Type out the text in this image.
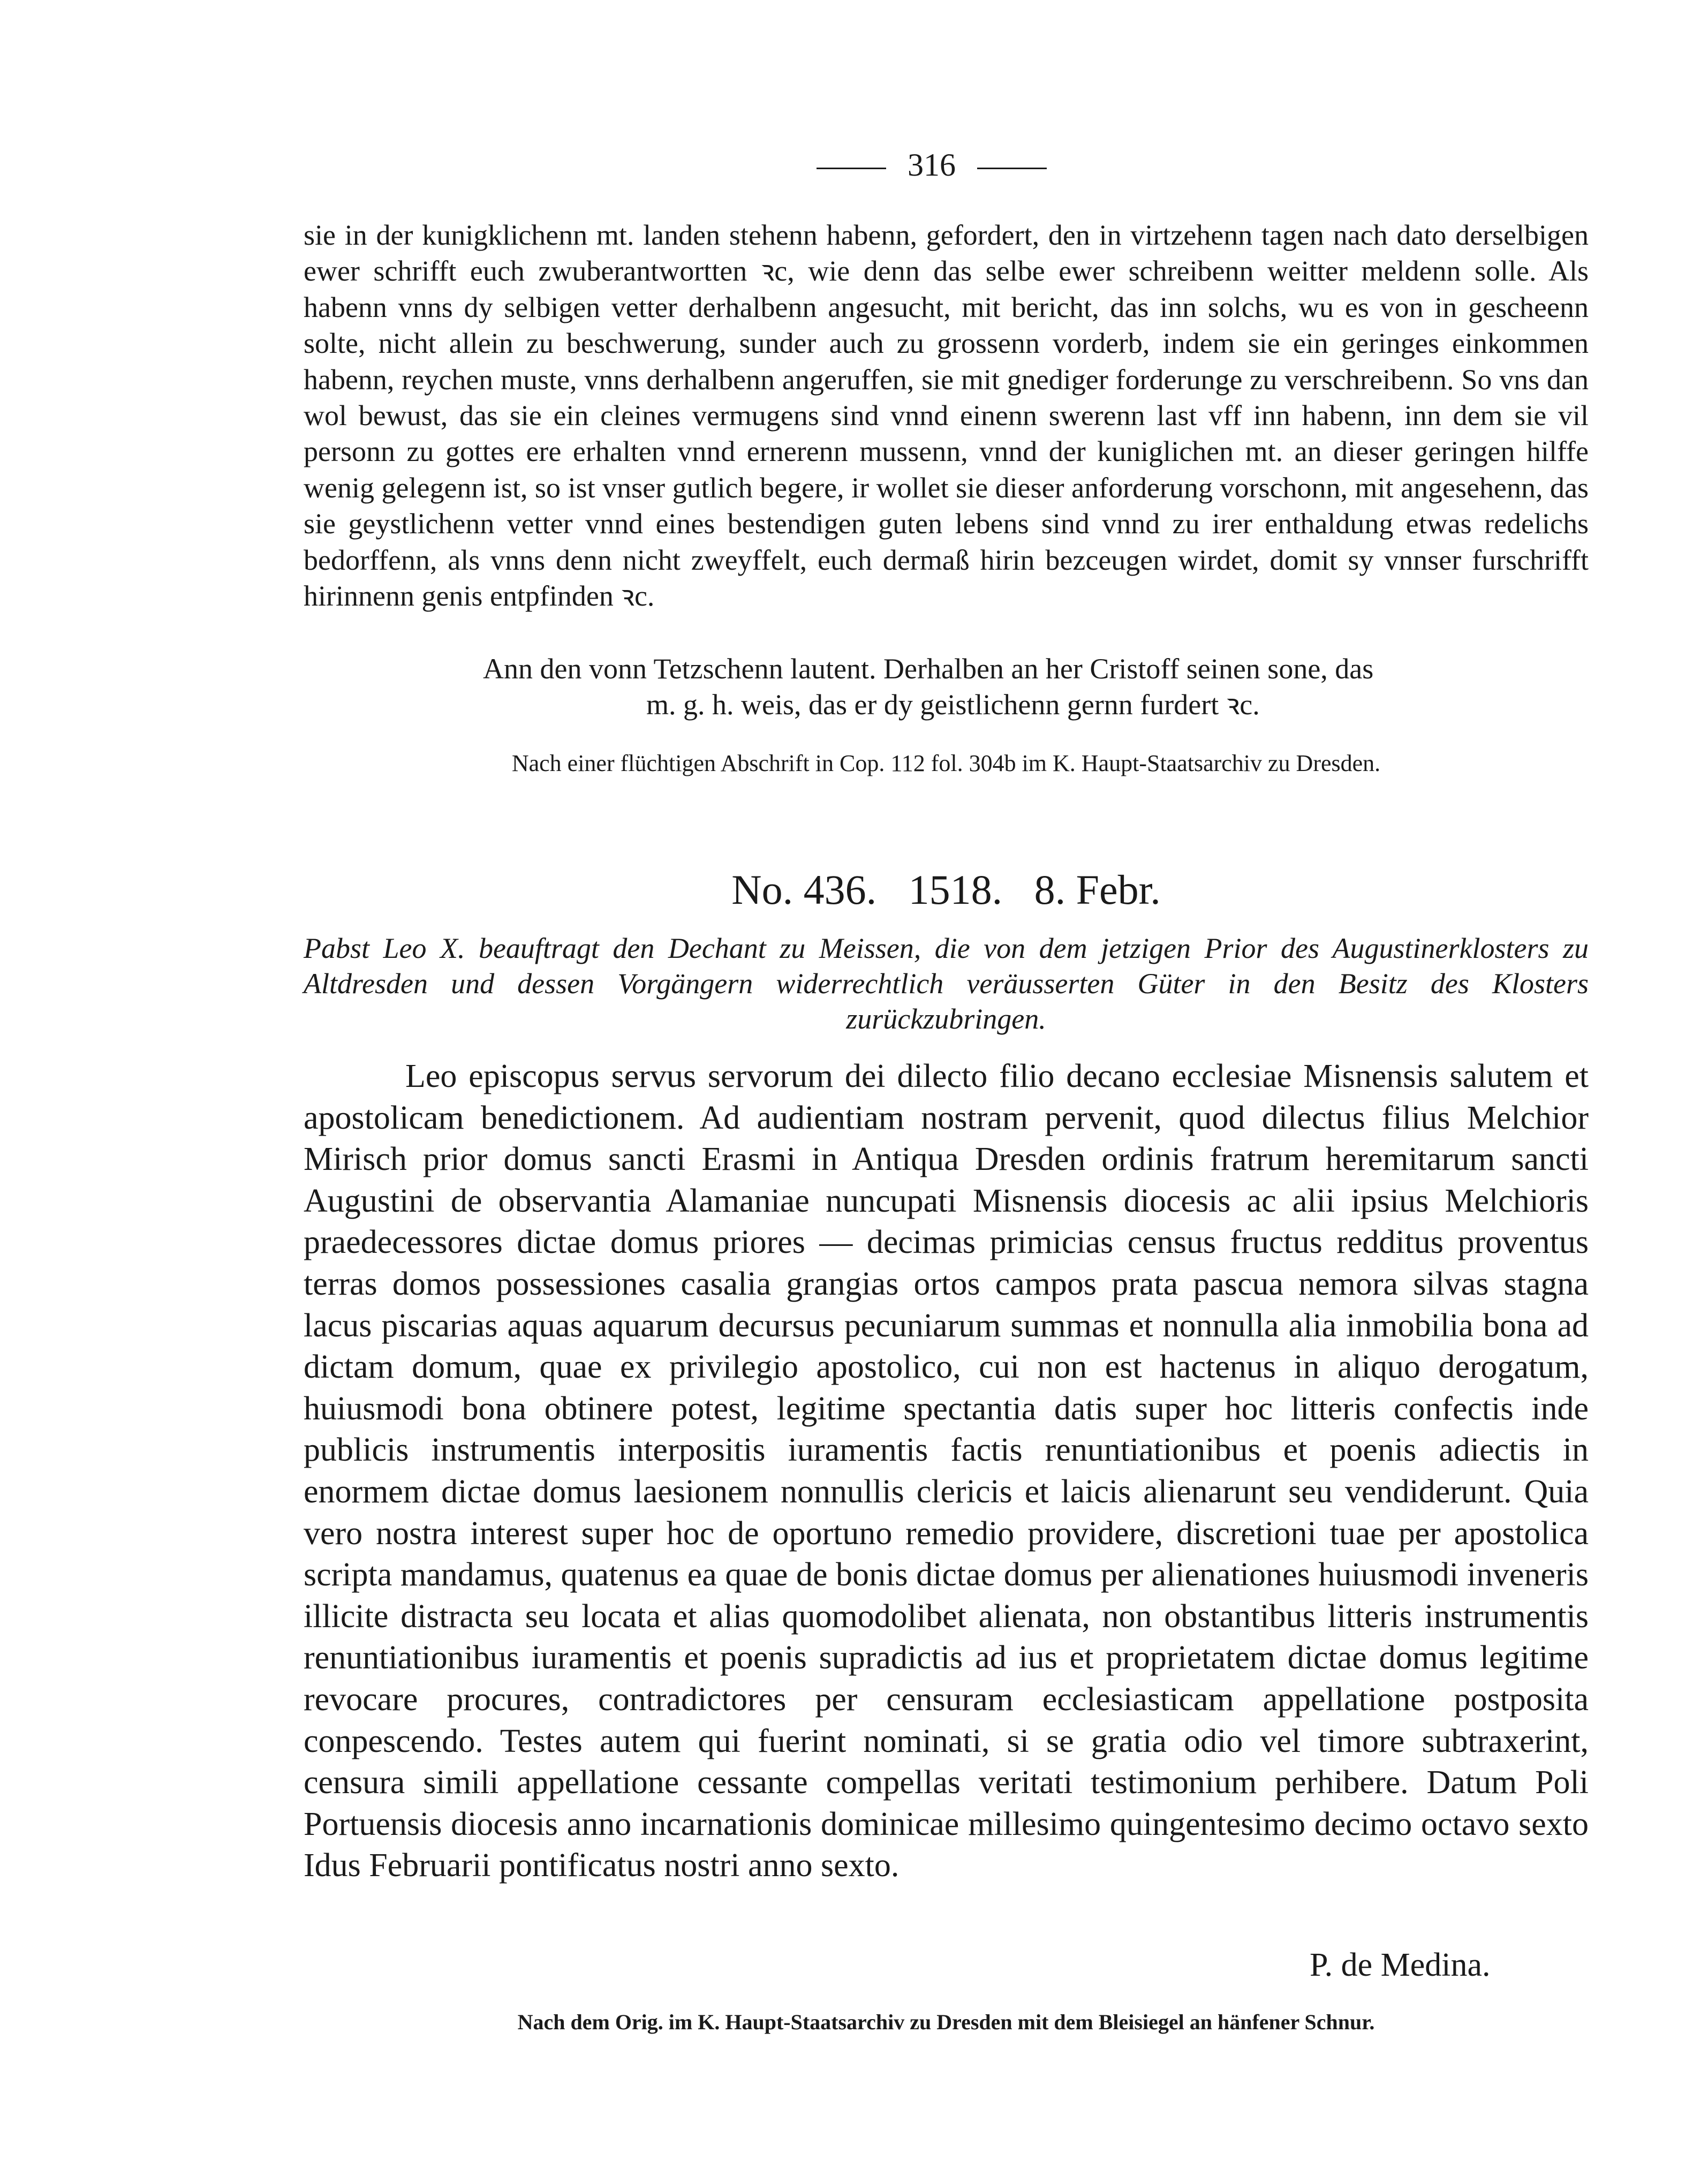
316
sie in der kunigklichenn mt. landen stehenn habenn, gefordert, den in virtzehenn tagen nach dato derselbigen ewer schrifft euch zwuberantwortten ꝛc, wie denn das selbe ewer schreibenn weitter meldenn solle. Als habenn vnns dy selbigen vetter derhalbenn angesucht, mit bericht, das inn solchs, wu es von in gescheenn solte, nicht allein zu beschwerung, sunder auch zu grossenn vorderb, indem sie ein geringes einkommen habenn, reychen muste, vnns derhalbenn angeruffen, sie mit gnediger forderunge zu verschreibenn. So vns dan wol bewust, das sie ein cleines vermugens sind vnnd einenn swerenn last vff inn habenn, inn dem sie vil personn zu gottes ere erhalten vnnd ernerenn mussenn, vnnd der kuniglichen mt. an dieser geringen hilffe wenig gelegenn ist, so ist vnser gutlich begere, ir wollet sie dieser anforderung vorschonn, mit angesehenn, das sie geystlichenn vetter vnnd eines bestendigen guten lebens sind vnnd zu irer enthaldung etwas redelichs bedorffenn, als vnns denn nicht zweyffelt, euch dermaß hirin bezceugen wirdet, domit sy vnnser furschrifft hirinnenn genis entpfinden ꝛc.
Ann den vonn Tetzschenn lautent. Derhalben an her Cristoff seinen sone, das
m. g. h. weis, das er dy geistlichenn gernn furdert ꝛc.
Nach einer flüchtigen Abschrift in Cop. 112 fol. 304b im K. Haupt-Staatsarchiv zu Dresden.
No. 436. 1518. 8. Febr.
Pabst Leo X. beauftragt den Dechant zu Meissen, die von dem jetzigen Prior des Augustinerklosters zu Altdresden und dessen Vorgängern widerrechtlich veräusserten Güter in den Besitz des Klosters zurückzubringen.
Leo episcopus servus servorum dei dilecto filio decano ecclesiae Misnensis salutem et apostolicam benedictionem. Ad audientiam nostram pervenit, quod dilectus filius Melchior Mirisch prior domus sancti Erasmi in Antiqua Dresden ordinis fratrum heremitarum sancti Augustini de observantia Alamaniae nuncupati Misnensis diocesis ac alii ipsius Melchioris praedecessores dictae domus priores — decimas primicias census fructus redditus proventus terras domos possessiones casalia grangias ortos campos prata pascua nemora silvas stagna lacus piscarias aquas aquarum decursus pecuniarum summas et nonnulla alia inmobilia bona ad dictam domum, quae ex privilegio apostolico, cui non est hactenus in aliquo derogatum, huiusmodi bona obtinere potest, legitime spectantia datis super hoc litteris confectis inde publicis instrumentis interpositis iuramentis factis renuntiationibus et poenis adiectis in enormem dictae domus laesionem nonnullis clericis et laicis alienarunt seu vendiderunt. Quia vero nostra interest super hoc de oportuno remedio providere, discretioni tuae per apostolica scripta mandamus, quatenus ea quae de bonis dictae domus per alienationes huiusmodi inveneris illicite distracta seu locata et alias quomodolibet alienata, non obstantibus litteris instrumentis renuntiationibus iuramentis et poenis supradictis ad ius et proprietatem dictae domus legitime revocare procures, contradictores per censuram ecclesiasticam appellatione postposita conpescendo. Testes autem qui fuerint nominati, si se gratia odio vel timore subtraxerint, censura simili appellatione cessante compellas veritati testimonium perhibere. Datum Poli Portuensis diocesis anno incarnationis dominicae millesimo quingentesimo decimo octavo sexto Idus Februarii pontificatus nostri anno sexto.
P. de Medina.
Nach dem Orig. im K. Haupt-Staatsarchiv zu Dresden mit dem Bleisiegel an hänfener Schnur.
